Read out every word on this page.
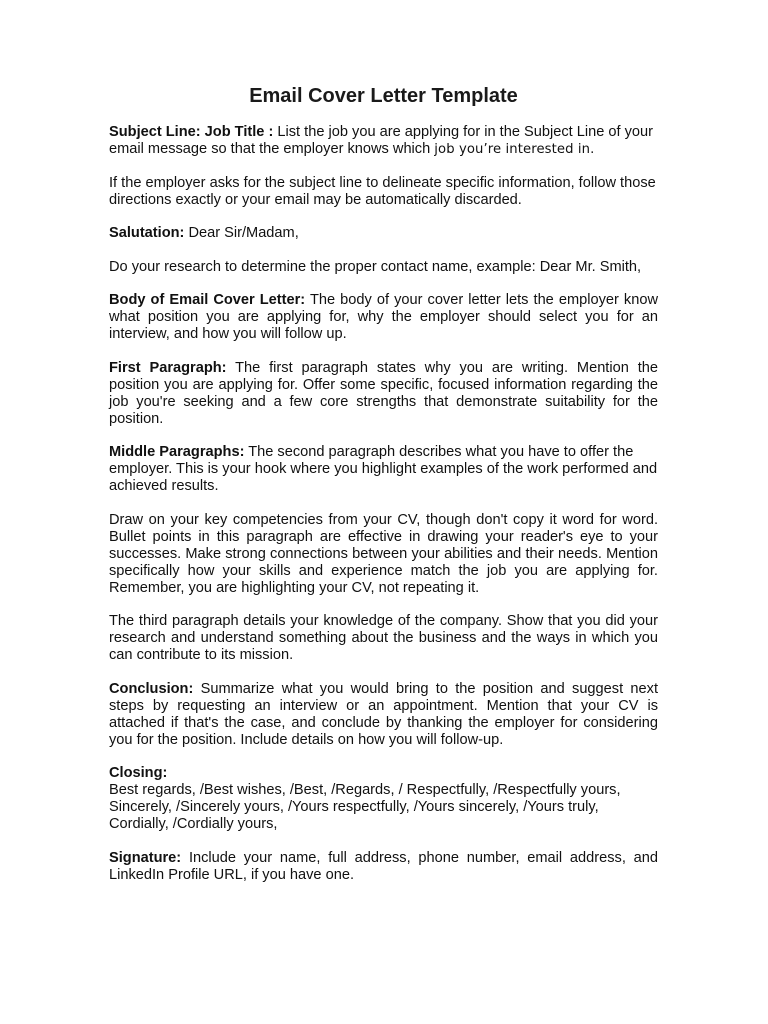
Email Cover Letter Template

Subject Line: Job Title : List the job you are applying for in the Subject Line of your email message so that the employer knows which job you’re interested in.

If the employer asks for the subject line to delineate specific information, follow those directions exactly or your email may be automatically discarded.

Salutation: Dear Sir/Madam,

Do your research to determine the proper contact name, example: Dear Mr. Smith,

Body of Email Cover Letter: The body of your cover letter lets the employer know what position you are applying for, why the employer should select you for an interview, and how you will follow up.

First Paragraph: The first paragraph states why you are writing. Mention the position you are applying for. Offer some specific, focused information regarding the job you're seeking and a few core strengths that demonstrate suitability for the position.

Middle Paragraphs: The second paragraph describes what you have to offer the employer. This is your hook where you highlight examples of the work performed and achieved results.

Draw on your key competencies from your CV, though don't copy it word for word. Bullet points in this paragraph are effective in drawing your reader's eye to your successes. Make strong connections between your abilities and their needs. Mention specifically how your skills and experience match the job you are applying for. Remember, you are highlighting your CV, not repeating it.

The third paragraph details your knowledge of the company. Show that you did your research and understand something about the business and the ways in which you can contribute to its mission.

Conclusion: Summarize what you would bring to the position and suggest next steps by requesting an interview or an appointment. Mention that your CV is attached if that's the case, and conclude by thanking the employer for considering you for the position. Include details on how you will follow-up.

Closing:
Best regards, /Best wishes, /Best, /Regards, / Respectfully, /Respectfully yours,
Sincerely, /Sincerely yours, /Yours respectfully, /Yours sincerely, /Yours truly,
Cordially, /Cordially yours,

Signature: Include your name, full address, phone number, email address, and LinkedIn Profile URL, if you have one.
